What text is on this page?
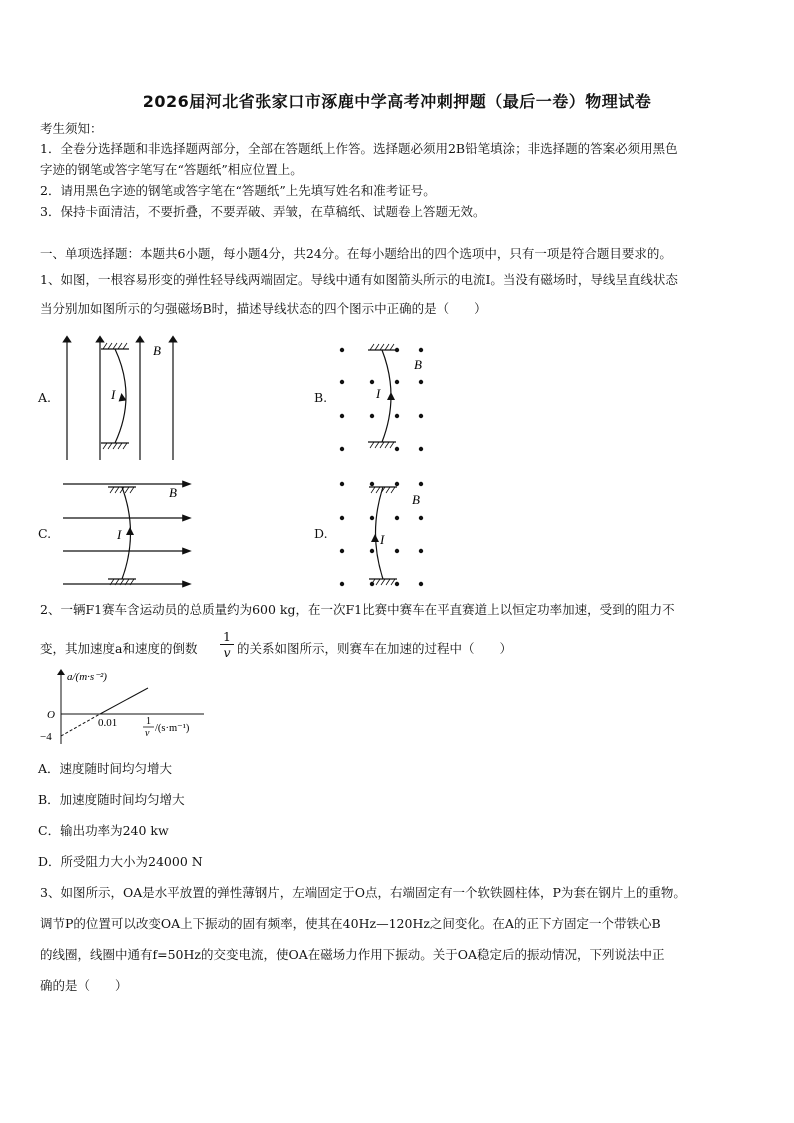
2026届河北省张家口市涿鹿中学高考冲刺押题（最后一卷）物理试卷
考生须知：
1．全卷分选择题和非选择题两部分，全部在答题纸上作答。选择题必须用2B铅笔填涂；非选择题的答案必须用黑色
字迹的钢笔或答字笔写在“答题纸”相应位置上。
2．请用黑色字迹的钢笔或答字笔在“答题纸”上先填写姓名和准考证号。
3．保持卡面清洁，不要折叠，不要弄破、弄皱，在草稿纸、试题卷上答题无效。
一、单项选择题：本题共6小题，每小题4分，共24分。在每小题给出的四个选项中，只有一项是符合题目要求的。
1、如图，一根容易形变的弹性轻导线两端固定。导线中通有如图箭头所示的电流I。当没有磁场时，导线呈直线状态
当分别加如图所示的匀强磁场B时，描述导线状态的四个图示中正确的是（　　）
A.	B.
C.	D.
B
I
B
I
B
I
B
I
2、一辆F1赛车含运动员的总质量约为600 kg，在一次F1比赛中赛车在平直赛道上以恒定功率加速，受到的阻力不
变，其加速度a和速度的倒数 $\frac{1}{v}$ 的关系如图所示，则赛车在加速的过程中（　　）
a/(m·s⁻²)
O
−4
0.01	1
v /(s·m⁻¹)
A．速度随时间均匀增大
B．加速度随时间均匀增大
C．输出功率为240 kw
D．所受阻力大小为24000 N
3、如图所示，OA是水平放置的弹性薄钢片，左端固定于O点，右端固定有一个软铁圆柱体，P为套在钢片上的重物。
调节P的位置可以改变OA上下振动的固有频率，使其在40Hz—120Hz之间变化。在A的正下方固定一个带铁心B
的线圈，线圈中通有f=50Hz的交变电流，使OA在磁场力作用下振动。关于OA稳定后的振动情况，下列说法中正
确的是（　　）
